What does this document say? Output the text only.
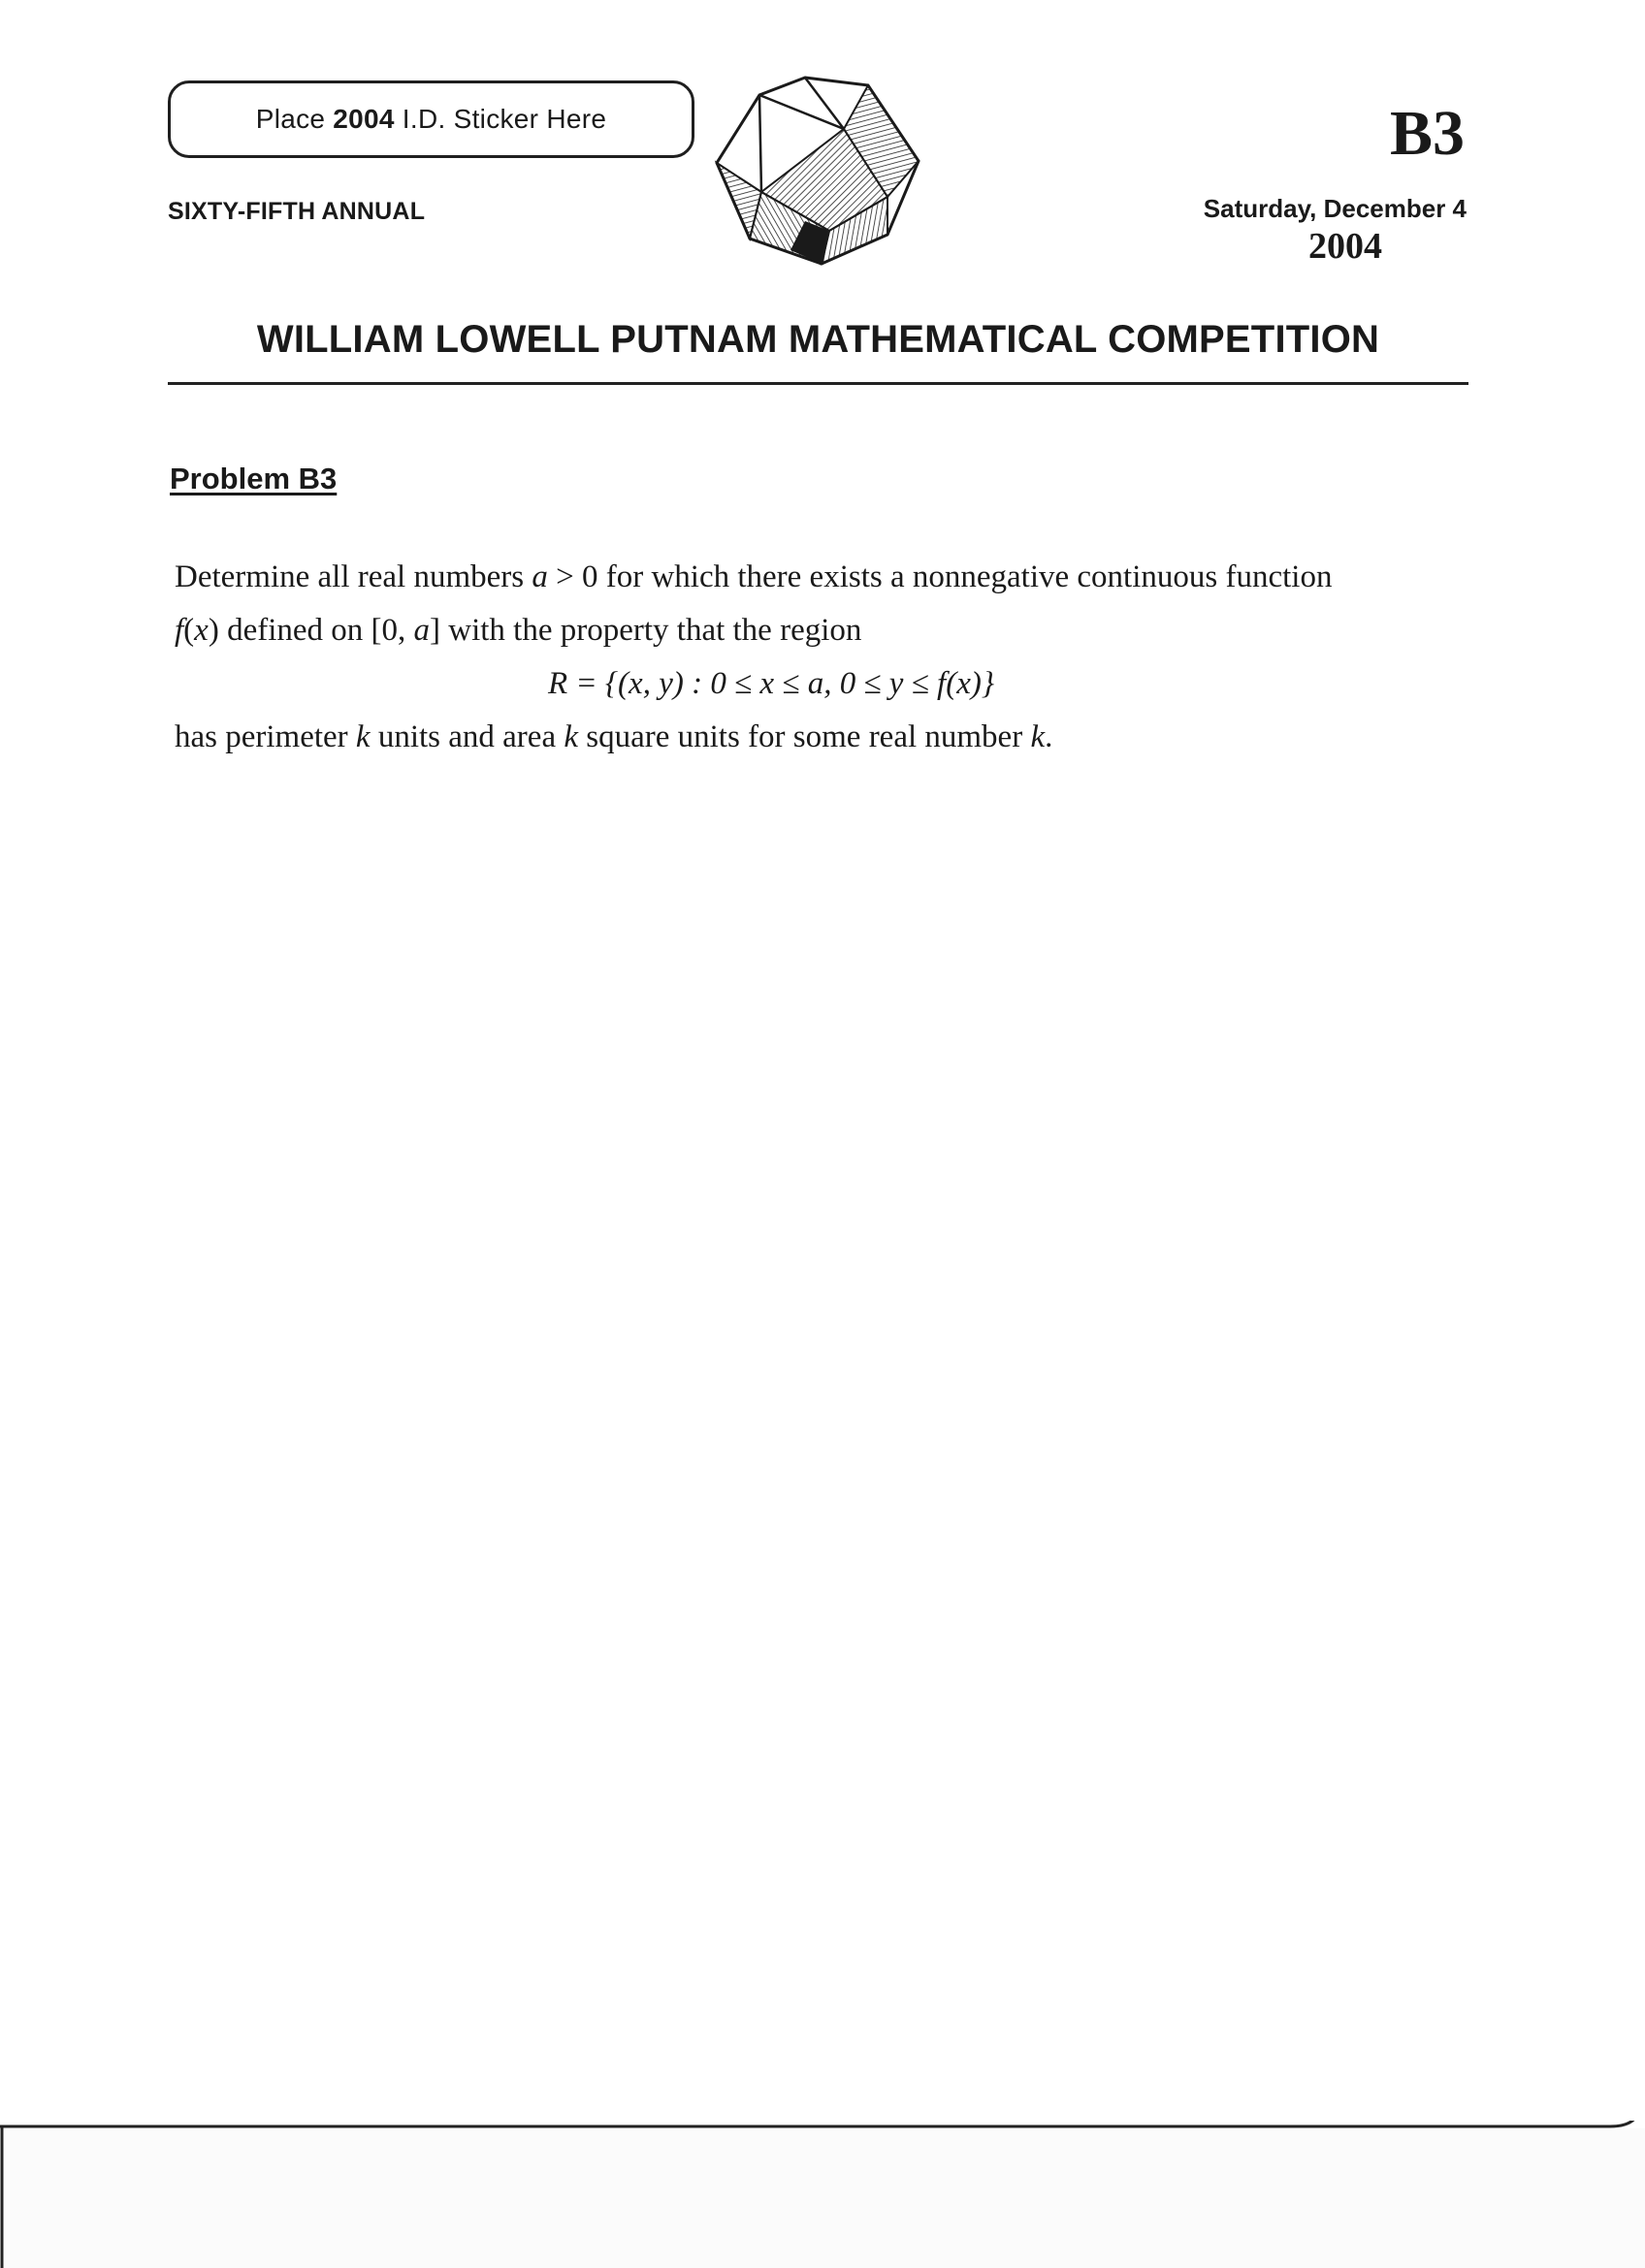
Place 2004 I.D. Sticker Here
SIXTY-FIFTH ANNUAL
B3
Saturday, December 4
2004
WILLIAM LOWELL PUTNAM MATHEMATICAL COMPETITION
Problem B3

Determine all real numbers a > 0 for which there exists a nonnegative continuous function

f(x) defined on [0, a] with the property that the region

R = {(x, y) : 0 ≤ x ≤ a, 0 ≤ y ≤ f(x)}

has perimeter k units and area k square units for some real number k.
